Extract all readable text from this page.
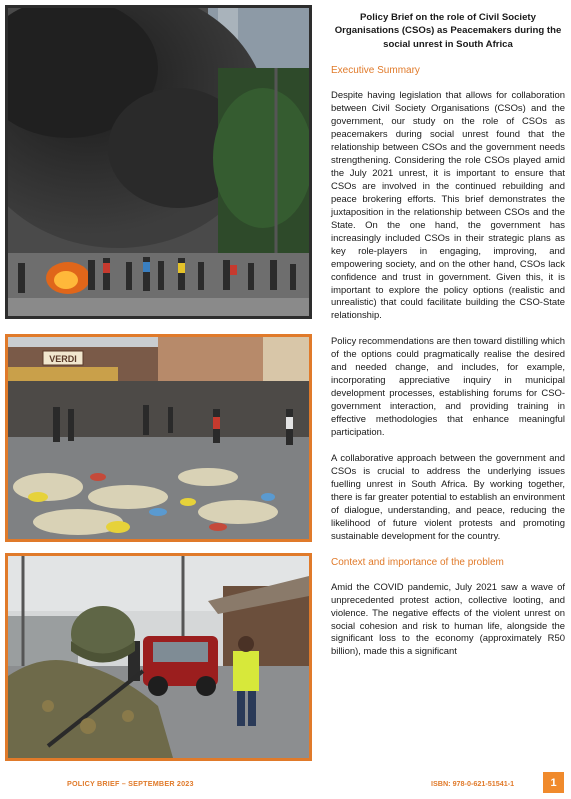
VERDI
Policy Brief on the role of Civil Society Organisations (CSOs) as Peacemakers during the social unrest in South Africa
Executive Summary

Despite having legislation that allows for collaboration between Civil Society Organisations (CSOs) and the government, our study on the role of CSOs as peacemakers during social unrest found that the relationship between CSOs and the government needs strengthening. Considering the role CSOs played amid the July 2021 unrest, it is important to ensure that CSOs are involved in the continued rebuilding and peace brokering efforts. This brief demonstrates the juxtaposition in the relationship between CSOs and the State. On the one hand, the government has increasingly included CSOs in their strategic plans as key role-players in engaging, improving, and empowering society, and on the other hand, CSOs lack confidence and trust in government. Given this, it is important to explore the policy options (realistic and unrealistic) that could facilitate building the CSO-State relationship.

Policy recommendations are then toward distilling which of the options could pragmatically realise the desired and needed change, and includes, for example, incorporating appreciative inquiry in municipal development processes, establishing forums for CSO-government interaction, and providing training in effective methodologies that enhance meaningful participation.

A collaborative approach between the government and CSOs is crucial to address the underlying issues fuelling unrest in South Africa. By working together, there is far greater potential to establish an environment of dialogue, understanding, and peace, reducing the likelihood of future violent protests and promoting sustainable development for the country.

Context and importance of the problem

Amid the COVID pandemic, July 2021 saw a wave of unprecedented protest action, collective looting, and violence. The negative effects of the violent unrest on social cohesion and risk to human life, alongside the significant loss to the economy (approximately R50 billion), made this a significant

POLICY BRIEF – SEPTEMBER 2023	ISBN: 978-0-621-51541-1	1
